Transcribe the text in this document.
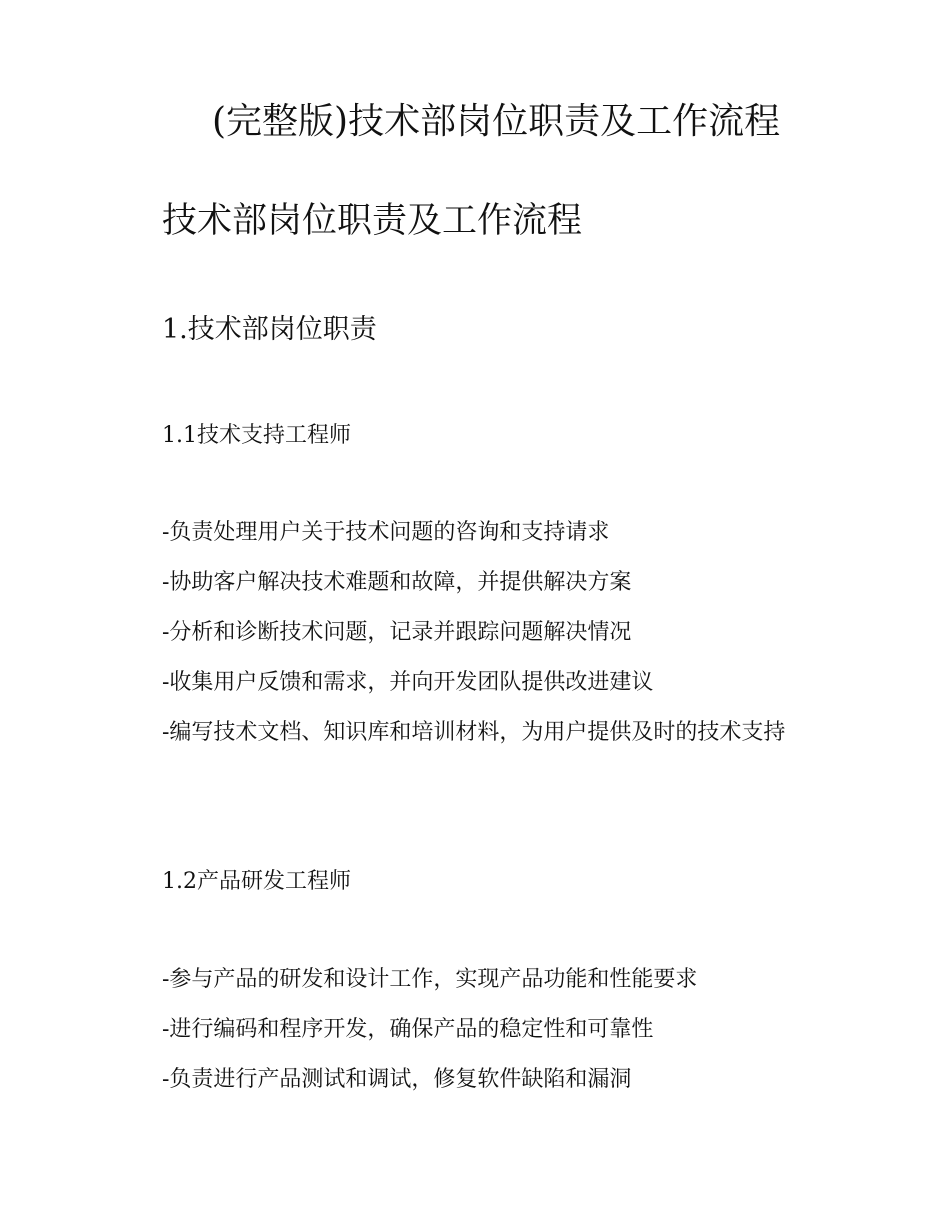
(完整版)技术部岗位职责及工作流程
技术部岗位职责及工作流程
1.技术部岗位职责
1.1技术支持工程师
-负责处理用户关于技术问题的咨询和支持请求
-协助客户解决技术难题和故障，并提供解决方案
-分析和诊断技术问题，记录并跟踪问题解决情况
-收集用户反馈和需求，并向开发团队提供改进建议
-编写技术文档、知识库和培训材料，为用户提供及时的技术支持
1.2产品研发工程师
-参与产品的研发和设计工作，实现产品功能和性能要求
-进行编码和程序开发，确保产品的稳定性和可靠性
-负责进行产品测试和调试，修复软件缺陷和漏洞
